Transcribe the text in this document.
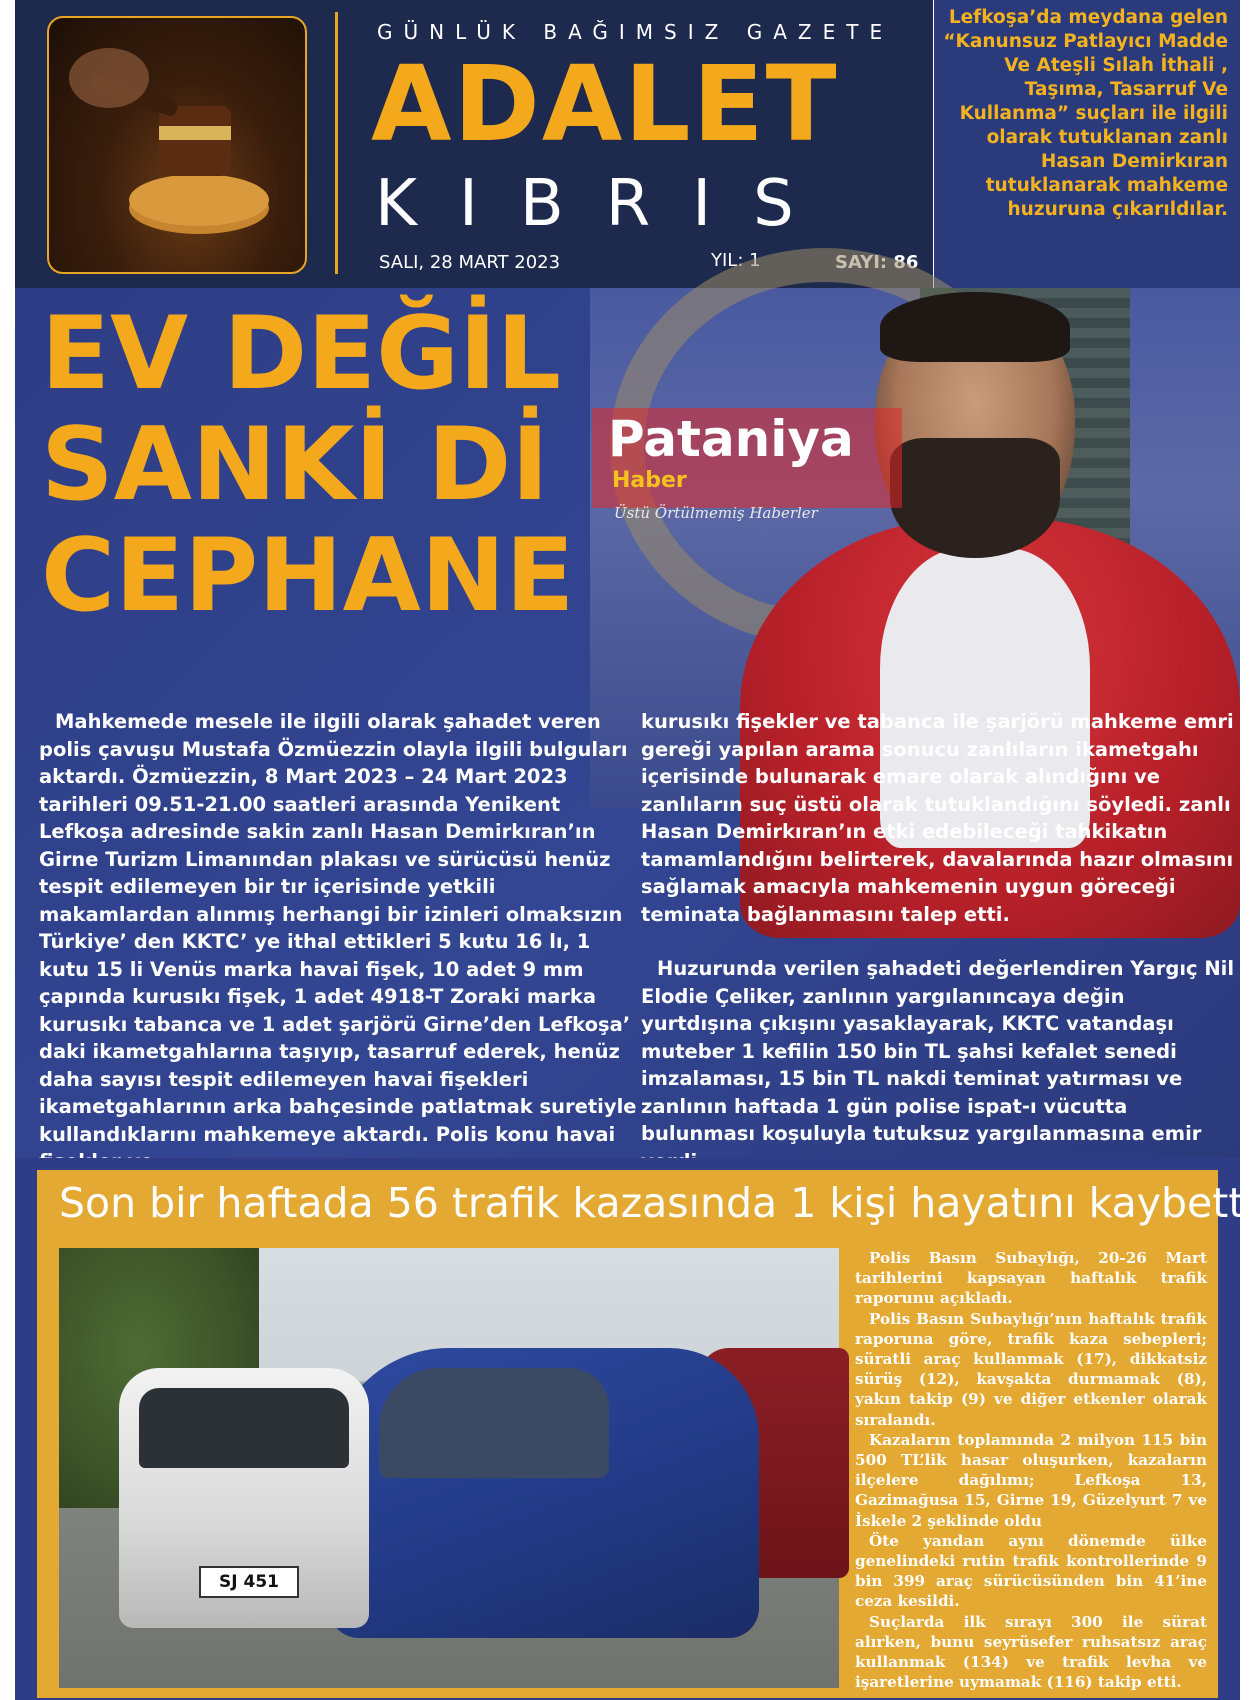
GÜNLÜK BAĞIMSIZ GAZETE
ADALET
KIBRIS
SALI, 28 MART 2023	YIL: 1	SAYI: 86

Lefkoşa’da meydana gelen “Kanunsuz Patlayıcı Madde Ve Ateşli Sılah İthali , Taşıma, Tasarruf Ve Kullanma” suçları ile ilgili olarak tutuklanan zanlı Hasan Demirkıran tutuklanarak mahkeme huzuruna çıkarıldılar.

EV DEĞİL
SANKİ Dİ
CEPHANE
Pataniya
Haber
Üstü Örtülmemiş Haberler

Mahkemede mesele ile ilgili olarak şahadet veren polis çavuşu Mustafa Özmüezzin olayla ilgili bulguları aktardı. Özmüezzin, 8 Mart 2023 – 24 Mart 2023 tarihleri 09.51-21.00 saatleri arasında Yenikent Lefkoşa adresinde sakin zanlı Hasan Demirkıran’ın Girne Turizm Limanından plakası ve sürücüsü henüz tespit edilemeyen bir tır içerisinde yetkili makamlardan alınmış herhangi bir izinleri olmaksızın Türkiye’ den KKTC’ ye ithal ettikleri 5 kutu 16 lı, 1 kutu 15 li Venüs marka havai fişek, 10 adet 9 mm çapında kurusıkı fişek, 1 adet 4918-T Zoraki marka kurusıkı tabanca ve 1 adet şarjörü Girne’den Lefkoşa’ daki ikametgahlarına taşıyıp, tasarruf ederek, henüz daha sayısı tespit edilemeyen havai fişekleri ikametgahlarının arka bahçesinde patlatmak suretiyle kullandıklarını mahkemeye aktardı. Polis konu havai

kurusıkı fişekler ve tabanca ile şarjörü mahkeme emri gereği yapılan arama sonucu zanlıların ikametgahı içerisinde bulunarak emare olarak alındığını ve zanlıların suç üstü olarak tutuklandığını söyledi. zanlı Hasan Demirkıran’ın etki edebileceği tahkikatın tamamlandığını belirterek, davalarında hazır olmasını sağlamak amacıyla mahkemenin uygun göreceği teminata bağlanmasını talep etti.

Huzurunda verilen şahadeti değerlendiren Yargıç Nil Elodie Çeliker, zanlının yargılanıncaya değin yurtdışına çıkışını yasaklayarak, KKTC vatandaşı muteber 1 kefilin 150 bin TL şahsi kefalet senedi imzalaması, 15 bin TL nakdi teminat yatırması ve zanlının haftada 1 gün polise ispat-ı vücutta bulunması koşuluyla tutuksuz yargılanmasına emir

Son bir haftada 56 trafik kazasında 1 kişi hayatını kaybetti
SJ 451

Polis Basın Subaylığı, 20-26 Mart tarihlerini kapsayan haftalık trafik raporunu açıkladı.

Polis Basın Subaylığı’nın haftalık trafik raporuna göre, trafik kaza sebepleri; süratli araç kullanmak (17), dikkatsiz sürüş (12), kavşakta durmamak (8), yakın takip (9) ve diğer etkenler olarak sıralandı.

Kazaların toplamında 2 milyon 115 bin 500 TL’lik hasar oluşurken, kazaların ilçelere dağılımı; Lefkoşa 13, Gazimağusa 15, Girne 19, Güzelyurt 7 ve İskele 2 şeklinde oldu

Öte yandan aynı dönemde ülke genelindeki rutin trafik kontrollerinde 9 bin 399 araç sürücüsünden bin 41’ine ceza kesildi.

Suçlarda ilk sırayı 300 ile sürat alırken, bunu seyrüsefer ruhsatsız araç kullanmak (134) ve trafik levha ve işaretlerine uymamak (116) takip etti.
